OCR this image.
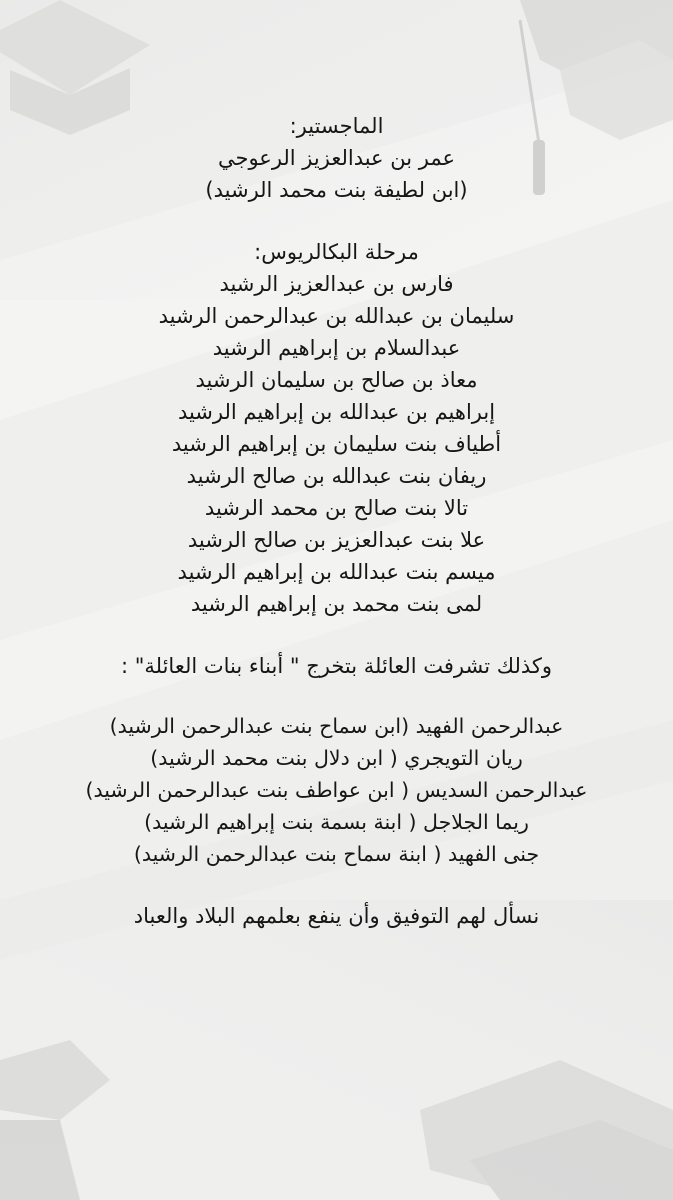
الماجستير:
عمر بن عبدالعزيز الرعوجي
(ابن لطيفة بنت محمد الرشيد)
مرحلة البكالريوس:
فارس بن عبدالعزيز الرشيد
سليمان بن عبدالله بن عبدالرحمن الرشيد
عبدالسلام بن إبراهيم الرشيد
معاذ بن صالح بن سليمان الرشيد
إبراهيم بن عبدالله بن إبراهيم الرشيد
أطياف بنت سليمان بن إبراهيم الرشيد
ريفان بنت عبدالله بن صالح الرشيد
تالا بنت صالح بن محمد الرشيد
علا بنت عبدالعزيز بن صالح الرشيد
ميسم بنت عبدالله بن إبراهيم الرشيد
لمى بنت محمد بن إبراهيم الرشيد
وكذلك تشرفت العائلة بتخرج " أبناء بنات العائلة" :
عبدالرحمن الفهيد (ابن سماح بنت عبدالرحمن الرشيد)
ريان التويجري ( ابن دلال بنت محمد الرشيد)
عبدالرحمن السديس ( ابن عواطف بنت عبدالرحمن الرشيد)
ريما الجلاجل ( ابنة بسمة بنت إبراهيم الرشيد)
جنى الفهيد ( ابنة سماح بنت عبدالرحمن الرشيد)
نسأل لهم التوفيق وأن ينفع بعلمهم البلاد والعباد
